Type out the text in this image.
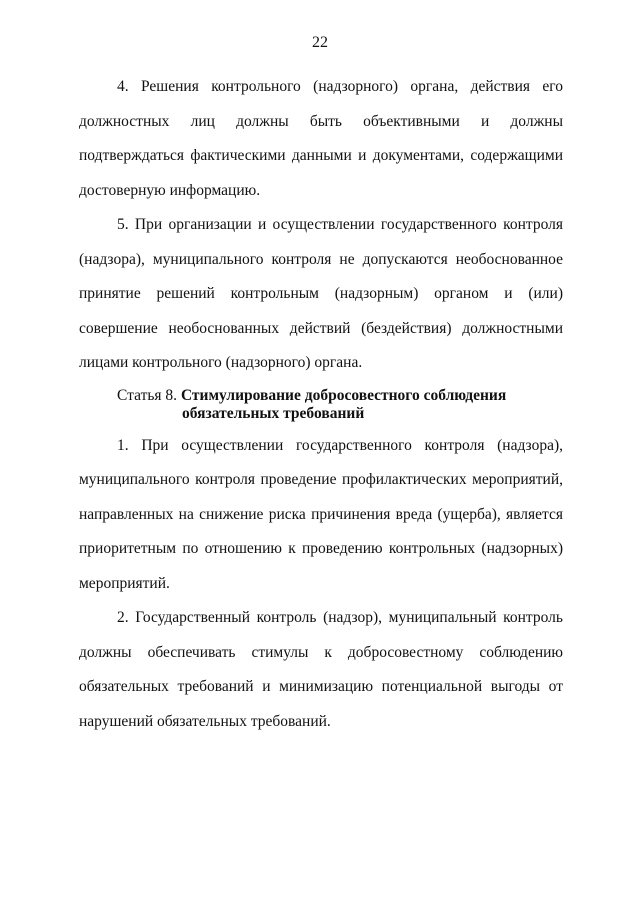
22

4. Решения контрольного (надзорного) органа, действия его должностных лиц должны быть объективными и должны подтверждаться фактическими данными и документами, содержащими достоверную информацию.

5. При организации и осуществлении государственного контроля (надзора), муниципального контроля не допускаются необоснованное принятие решений контрольным (надзорным) органом и (или) совершение необоснованных действий (бездействия) должностными лицами контрольного (надзорного) органа.

Статья 8. Стимулирование добросовестного соблюдения
обязательных требований

1. При осуществлении государственного контроля (надзора), муниципального контроля проведение профилактических мероприятий, направленных на снижение риска причинения вреда (ущерба), является приоритетным по отношению к проведению контрольных (надзорных) мероприятий.

2. Государственный контроль (надзор), муниципальный контроль должны обеспечивать стимулы к добросовестному соблюдению обязательных требований и минимизацию потенциальной выгоды от нарушений обязательных требований.
